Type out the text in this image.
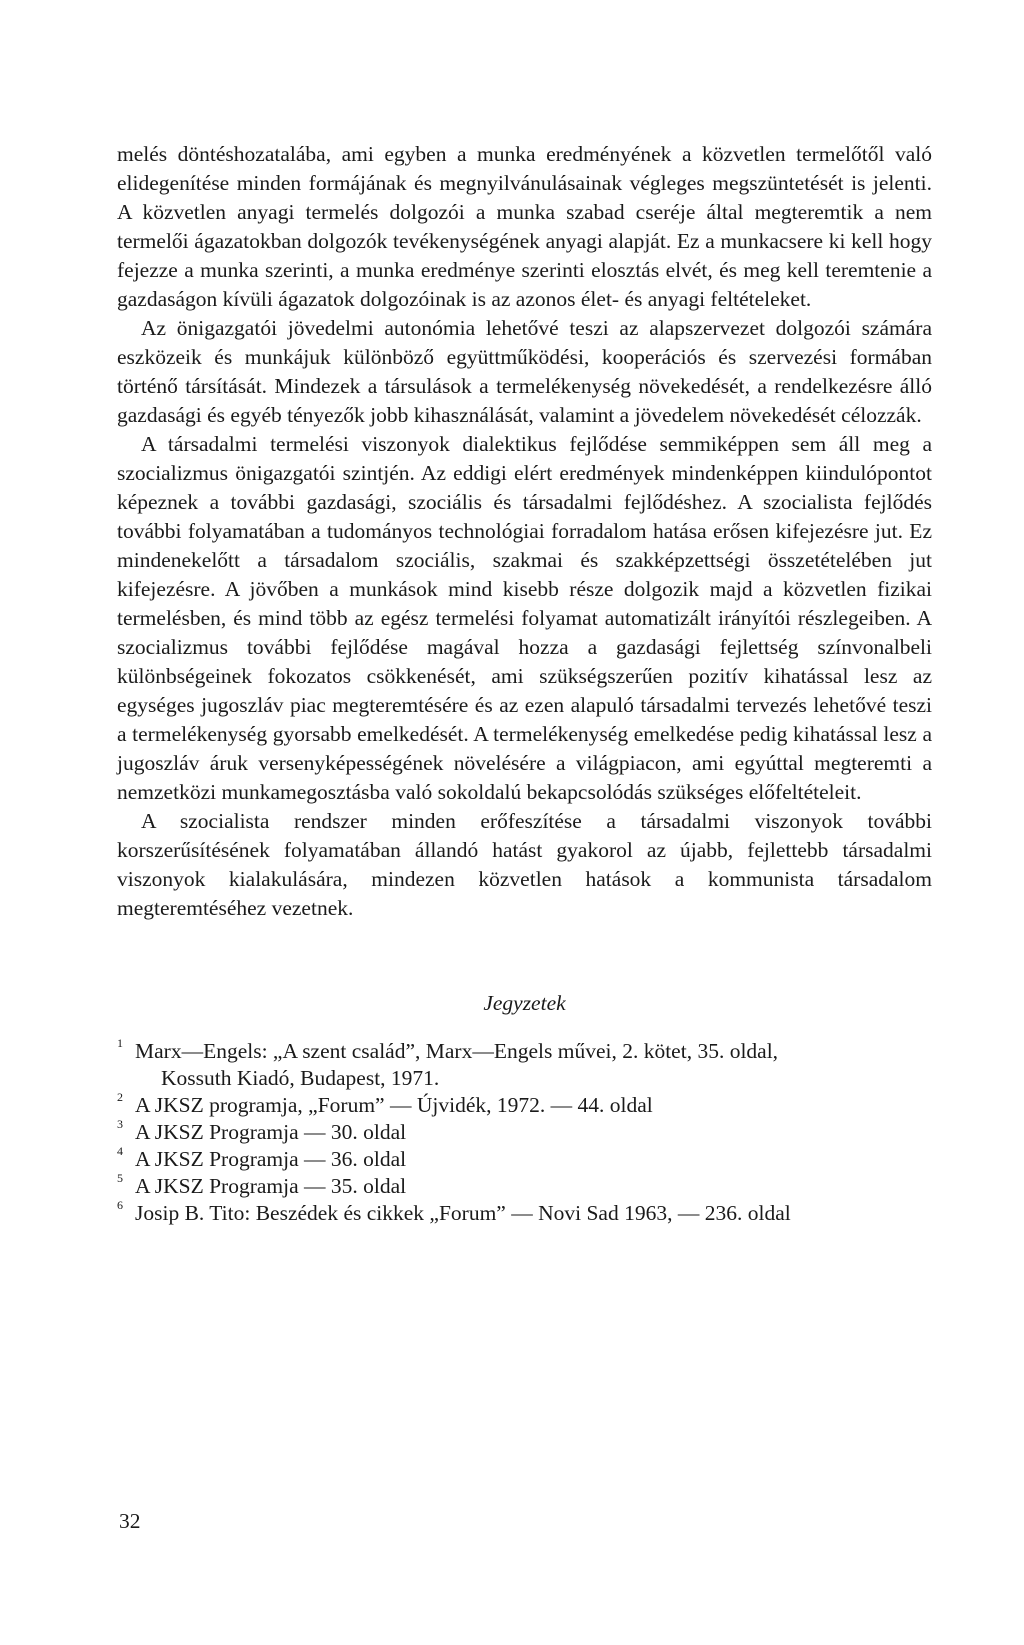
melés döntéshozatalába, ami egyben a munka eredményének a közvetlen termelőtől való elidegenítése minden formájának és megnyilvánulásainak végleges megszüntetését is jelenti. A közvetlen anyagi termelés dolgozói a munka szabad cseréje által megteremtik a nem termelői ágazatokban dolgozók tevékenységének anyagi alapját. Ez a munkacsere ki kell hogy fejezze a munka szerinti, a munka eredménye szerinti elosztás elvét, és meg kell teremtenie a gazdaságon kívüli ágazatok dolgozóinak is az azonos élet- és anyagi feltételeket.

Az önigazgatói jövedelmi autonómia lehetővé teszi az alapszervezet dolgozói számára eszközeik és munkájuk különböző együttműködési, kooperációs és szervezési formában történő társítását. Mindezek a társulások a termelékenység növekedését, a rendelkezésre álló gazdasági és egyéb tényezők jobb kihasználását, valamint a jövedelem növekedését célozzák.

A társadalmi termelési viszonyok dialektikus fejlődése semmiképpen sem áll meg a szocializmus önigazgatói szintjén. Az eddigi elért eredmények mindenképpen kiindulópontot képeznek a további gazdasági, szociális és társadalmi fejlődéshez. A szocialista fejlődés további folyamatában a tudományos technológiai forradalom hatása erősen kifejezésre jut. Ez mindenekelőtt a társadalom szociális, szakmai és szakképzettségi összetételében jut kifejezésre. A jövőben a munkások mind kisebb része dolgozik majd a közvetlen fizikai termelésben, és mind több az egész termelési folyamat automatizált irányítói részlegeiben. A szocializmus további fejlődése magával hozza a gazdasági fejlettség színvonalbeli különbségeinek fokozatos csökkenését, ami szükségszerűen pozitív kihatással lesz az egységes jugoszláv piac megteremtésére és az ezen alapuló társadalmi tervezés lehetővé teszi a termelékenység gyorsabb emelkedését. A termelékenység emelkedése pedig kihatással lesz a jugoszláv áruk versenyképességének növelésére a világpiacon, ami egyúttal megteremti a nemzetközi munkamegosztásba való sokoldalú bekapcsolódás szükséges előfeltételeit.

A szocialista rendszer minden erőfeszítése a társadalmi viszonyok további korszerűsítésének folyamatában állandó hatást gyakorol az újabb, fejlettebb társadalmi viszonyok kialakulására, mindezen közvetlen hatások a kommunista társadalom megteremtéséhez vezetnek.

Jegyzetek
1 Marx—Engels: „A szent család”, Marx—Engels művei, 2. kötet, 35. oldal,
Kossuth Kiadó, Budapest, 1971.
2 A JKSZ programja, „Forum” — Újvidék, 1972. — 44. oldal
3 A JKSZ Programja — 30. oldal
4 A JKSZ Programja — 36. oldal
5 A JKSZ Programja — 35. oldal
6 Josip B. Tito: Beszédek és cikkek „Forum” — Novi Sad 1963, — 236. oldal
32
